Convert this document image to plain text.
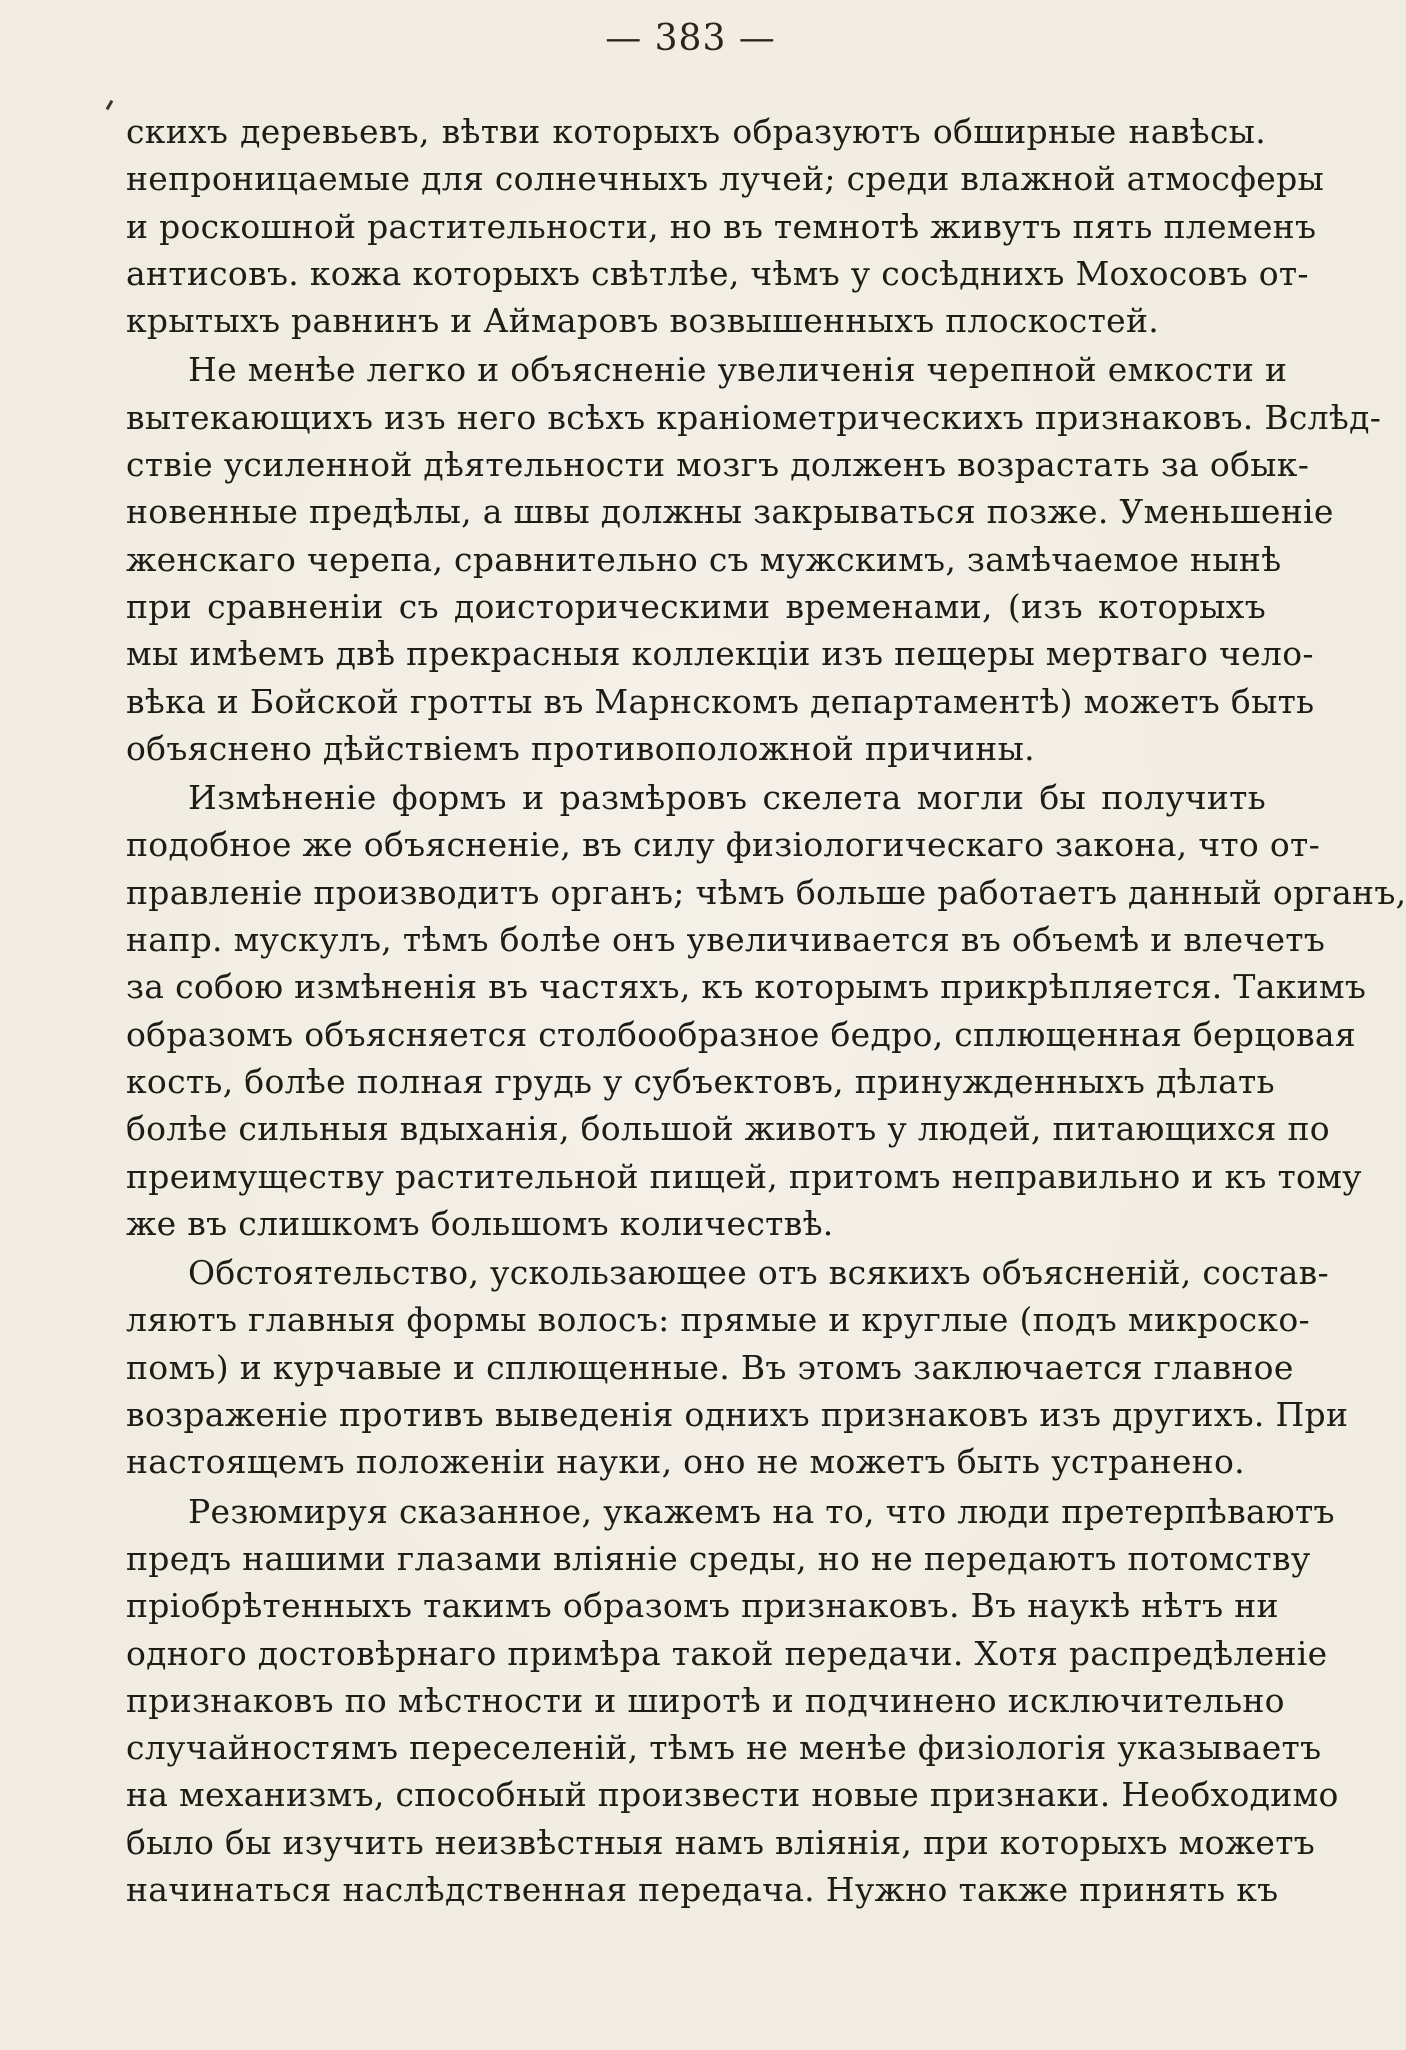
— 383 —
скихъ деревьевъ, вѣтви которыхъ образуютъ обширные навѣсы.
непроницаемые для солнечныхъ лучей; среди влажной атмосферы
и роскошной растительности, но въ темнотѣ живутъ пять племенъ
антисовъ. кожа которыхъ свѣтлѣе, чѣмъ у сосѣднихъ Мохосовъ от-
крытыхъ равнинъ и Аймаровъ возвышенныхъ плоскостей.
Не менѣе легко и объясненіе увеличенія черепной емкости и
вытекающихъ изъ него всѣхъ краніометрическихъ признаковъ. Вслѣд-
ствіе усиленной дѣятельности мозгъ долженъ возрастать за обык-
новенные предѣлы, а швы должны закрываться позже. Уменьшеніе
женскаго черепа, сравнительно съ мужскимъ, замѣчаемое нынѣ
при сравненіи съ доисторическими временами, (изъ которыхъ
мы имѣемъ двѣ прекрасныя коллекціи изъ пещеры мертваго чело-
вѣка и Бойской гротты въ Марнскомъ департаментѣ) можетъ быть
объяснено дѣйствіемъ противоположной причины.
Измѣненіе формъ и размѣровъ скелета могли бы получить
подобное же объясненіе, въ силу физіологическаго закона, что от-
правленіе производитъ органъ; чѣмъ больше работаетъ данный органъ,
напр. мускулъ, тѣмъ болѣе онъ увеличивается въ объемѣ и влечетъ
за собою измѣненія въ частяхъ, къ которымъ прикрѣпляется. Такимъ
образомъ объясняется столбообразное бедро, сплющенная берцовая
кость, болѣе полная грудь у субъектовъ, принужденныхъ дѣлать
болѣе сильныя вдыханія, большой животъ у людей, питающихся по
преимуществу растительной пищей, притомъ неправильно и къ тому
же въ слишкомъ большомъ количествѣ.
Обстоятельство, ускользающее отъ всякихъ объясненій, состав-
ляютъ главныя формы волосъ: прямые и круглые (подъ микроско-
помъ) и курчавые и сплющенные. Въ этомъ заключается главное
возраженіе противъ выведенія однихъ признаковъ изъ другихъ. При
настоящемъ положеніи науки, оно не можетъ быть устранено.
Резюмируя сказанное, укажемъ на то, что люди претерпѣваютъ
предъ нашими глазами вліяніе среды, но не передаютъ потомству
пріобрѣтенныхъ такимъ образомъ признаковъ. Въ наукѣ нѣтъ ни
одного достовѣрнаго примѣра такой передачи. Хотя распредѣленіе
признаковъ по мѣстности и широтѣ и подчинено исключительно
случайностямъ переселеній, тѣмъ не менѣе физіологія указываетъ
на механизмъ, способный произвести новые признаки. Необходимо
было бы изучить неизвѣстныя намъ вліянія, при которыхъ можетъ
начинаться наслѣдственная передача. Нужно также принять къ
